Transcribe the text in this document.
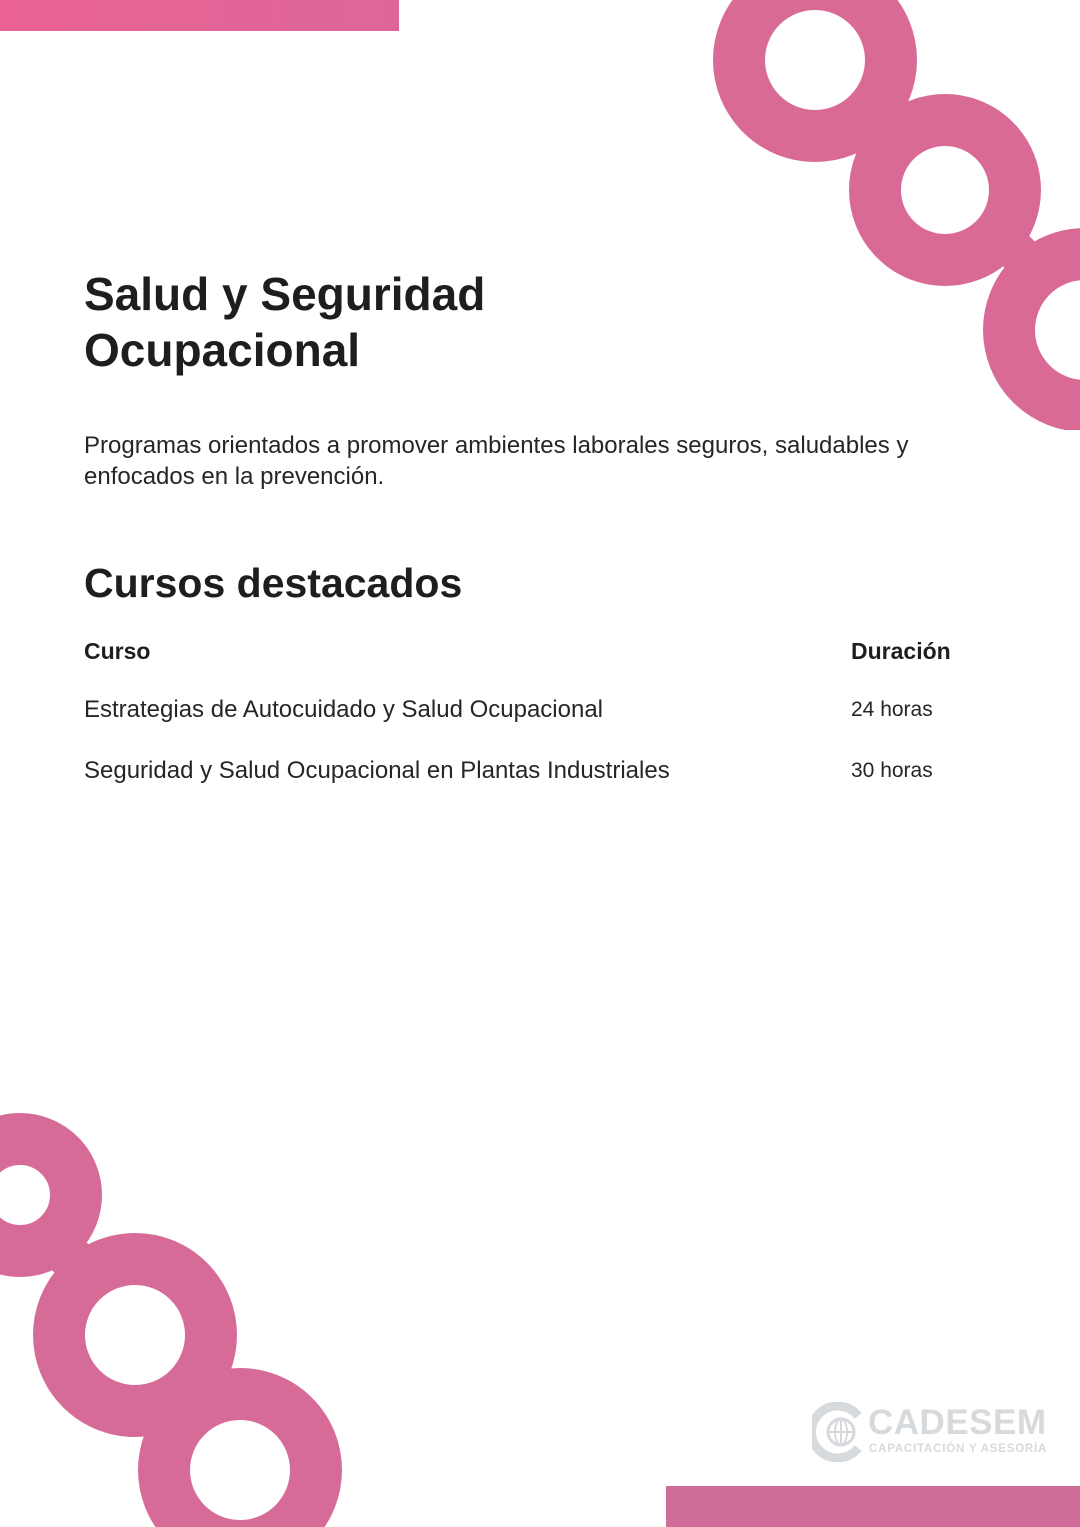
Salud y Seguridad
Ocupacional

Programas orientados a promover ambientes laborales seguros, saludables y enfocados en la prevención.

Cursos destacados
Curso	Duración

Estrategias de Autocuidado y Salud Ocupacional	24 horas
Seguridad y Salud Ocupacional en Plantas Industriales	30 horas
CADESEM
CAPACITACIÓN Y ASESORÍA
